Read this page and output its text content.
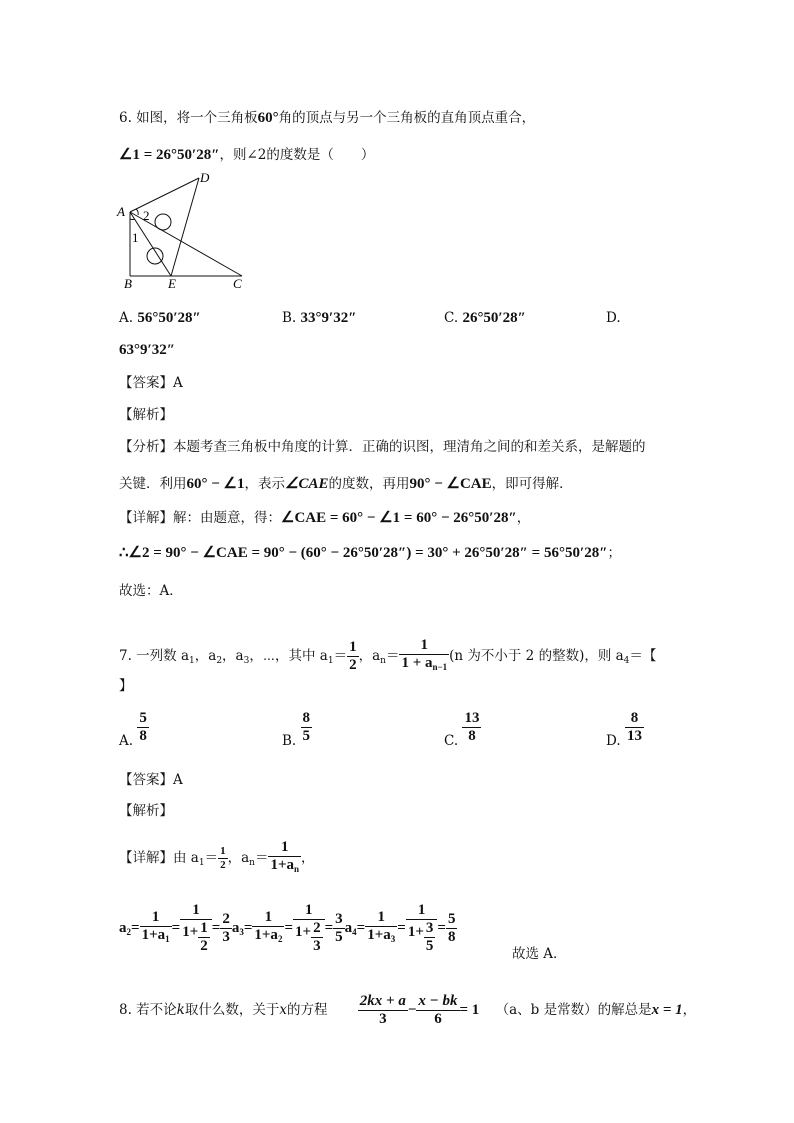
6. 如图，将一个三角板60°角的顶点与另一个三角板的直角顶点重合，
∠1 = 26°50′28″，则∠2的度数是（　　）
A
B	C
D
E
1
2
A. 56°50′28″	B. 33°9′32″	C. 26°50′28″	D.
63°9′32″
【答案】A
【解析】
【分析】本题考查三角板中角度的计算．正确的识图，理清角之间的和差关系，是解题的
关键．利用60° − ∠1，表示∠CAE的度数，再用90° − ∠CAE，即可得解．
【详解】解：由题意，得：∠CAE = 60° − ∠1 = 60° − 26°50′28″，
∴∠2 = 90° − ∠CAE = 90° − (60° − 26°50′28″) = 30° + 26°50′28″ = 56°50′28″；
故选：A．
7. 一列数 $a_1$，$a_2$，$a_3$，⋯，其中 $a_1= \frac{1}{2}$ ，$a_n= \frac{1}{1 + a_{n-1}} (n$ 为不小于 2 的整数)，则 $a_4=$【
】
A. $\frac{5}{8}$	B. $\frac{8}{5}$	C. $\frac{13}{8}$	D. $\frac{8}{13}$
【答案】A
【解析】
【详解】由 $a_1= \frac{1}{2}$ ，$a_n= \frac{1}{1+a_n}$ ，
$a_2= \frac{1}{1+a_1} = \frac{1}{1+ \frac{1}{2}} = \frac{2}{3} a_3= \frac{1}{1+a_2} = \frac{1}{1+ \frac{2}{3}} = \frac{3}{5} a_4= \frac{1}{1+a_3} = \frac{1}{1+ \frac{3}{5}} = \frac{5}{8}$
故选 A．
8. 若不论k取什么数，关于x的方程 $\frac{2kx + a}{3} - \frac{x - bk}{6} = 1$ （a、b 是常数）的解总是x = 1，
